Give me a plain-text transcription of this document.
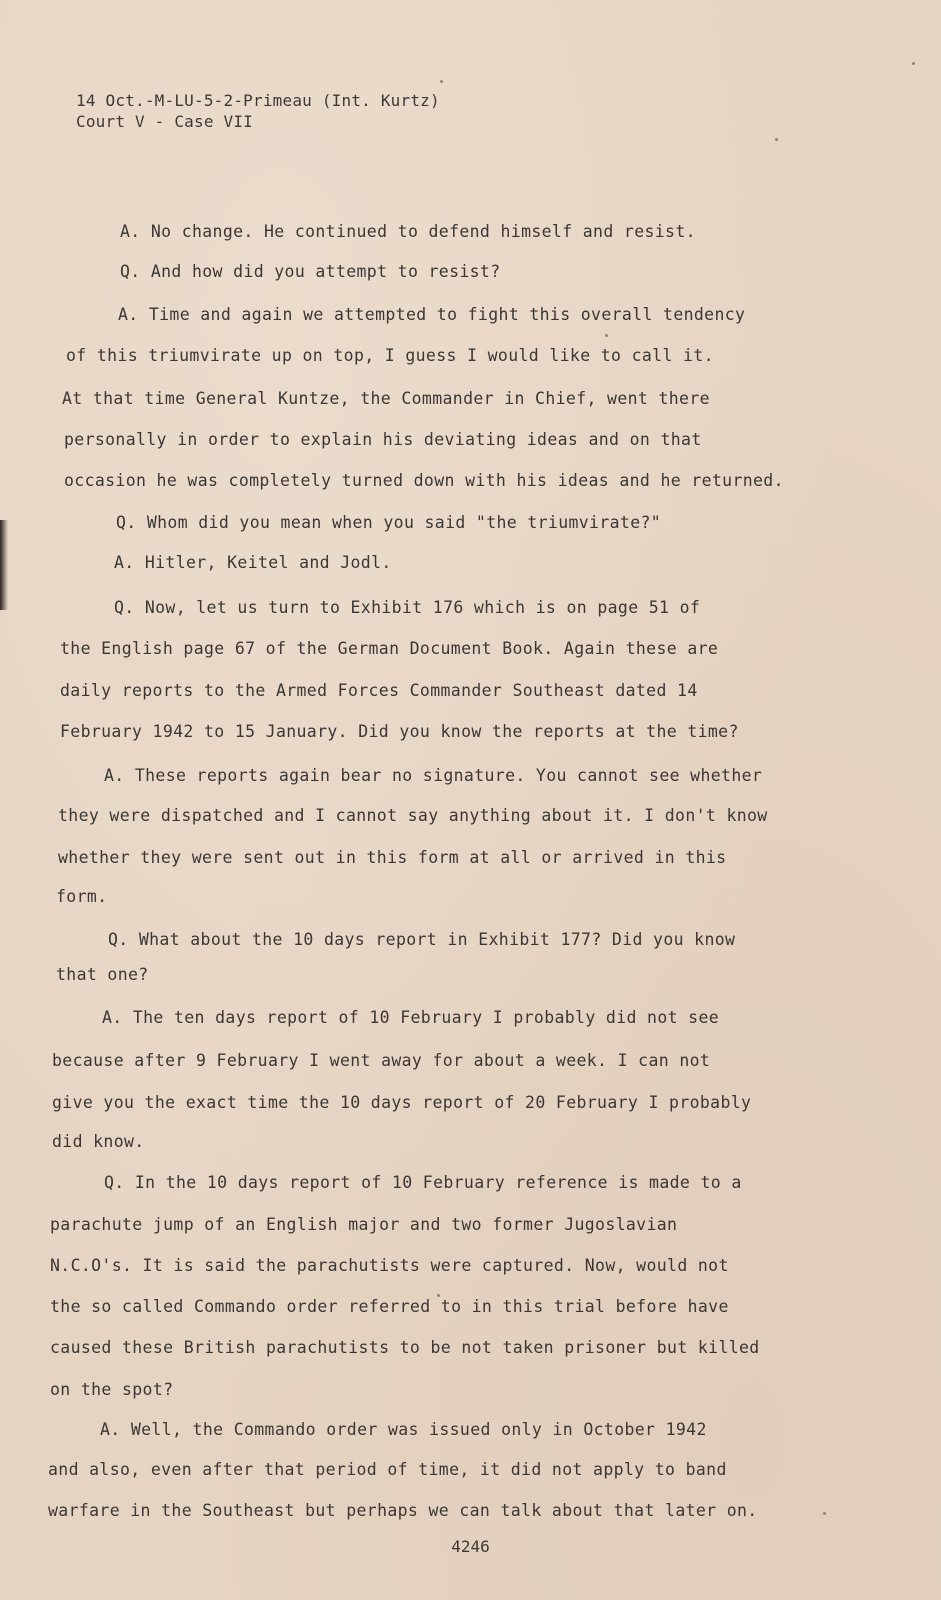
14 Oct.-M-LU-5-2-Primeau (Int. Kurtz)
Court V - Case VII
A. No change. He continued to defend himself and resist.
Q. And how did you attempt to resist?
A. Time and again we attempted to fight this overall tendency
of this triumvirate up on top, I guess I would like to call it.
At that time General Kuntze, the Commander in Chief, went there
personally in order to explain his deviating ideas and on that
occasion he was completely turned down with his ideas and he returned.
Q. Whom did you mean when you said "the triumvirate?"
A. Hitler, Keitel and Jodl.
Q. Now, let us turn to Exhibit 176 which is on page 51 of
the English page 67 of the German Document Book. Again these are
daily reports to the Armed Forces Commander Southeast dated 14
February 1942 to 15 January. Did you know the reports at the time?
A. These reports again bear no signature. You cannot see whether
they were dispatched and I cannot say anything about it. I don't know
whether they were sent out in this form at all or arrived in this
form.
Q. What about the 10 days report in Exhibit 177? Did you know
that one?
A. The ten days report of 10 February I probably did not see
because after 9 February I went away for about a week. I can not
give you the exact time the 10 days report of 20 February I probably
did know.
Q. In the 10 days report of 10 February reference is made to a
parachute jump of an English major and two former Jugoslavian
N.C.O's. It is said the parachutists were captured. Now, would not
the so called Commando order referred to in this trial before have
caused these British parachutists to be not taken prisoner but killed
on the spot?
A. Well, the Commando order was issued only in October 1942
and also, even after that period of time, it did not apply to band
warfare in the Southeast but perhaps we can talk about that later on.
4246
